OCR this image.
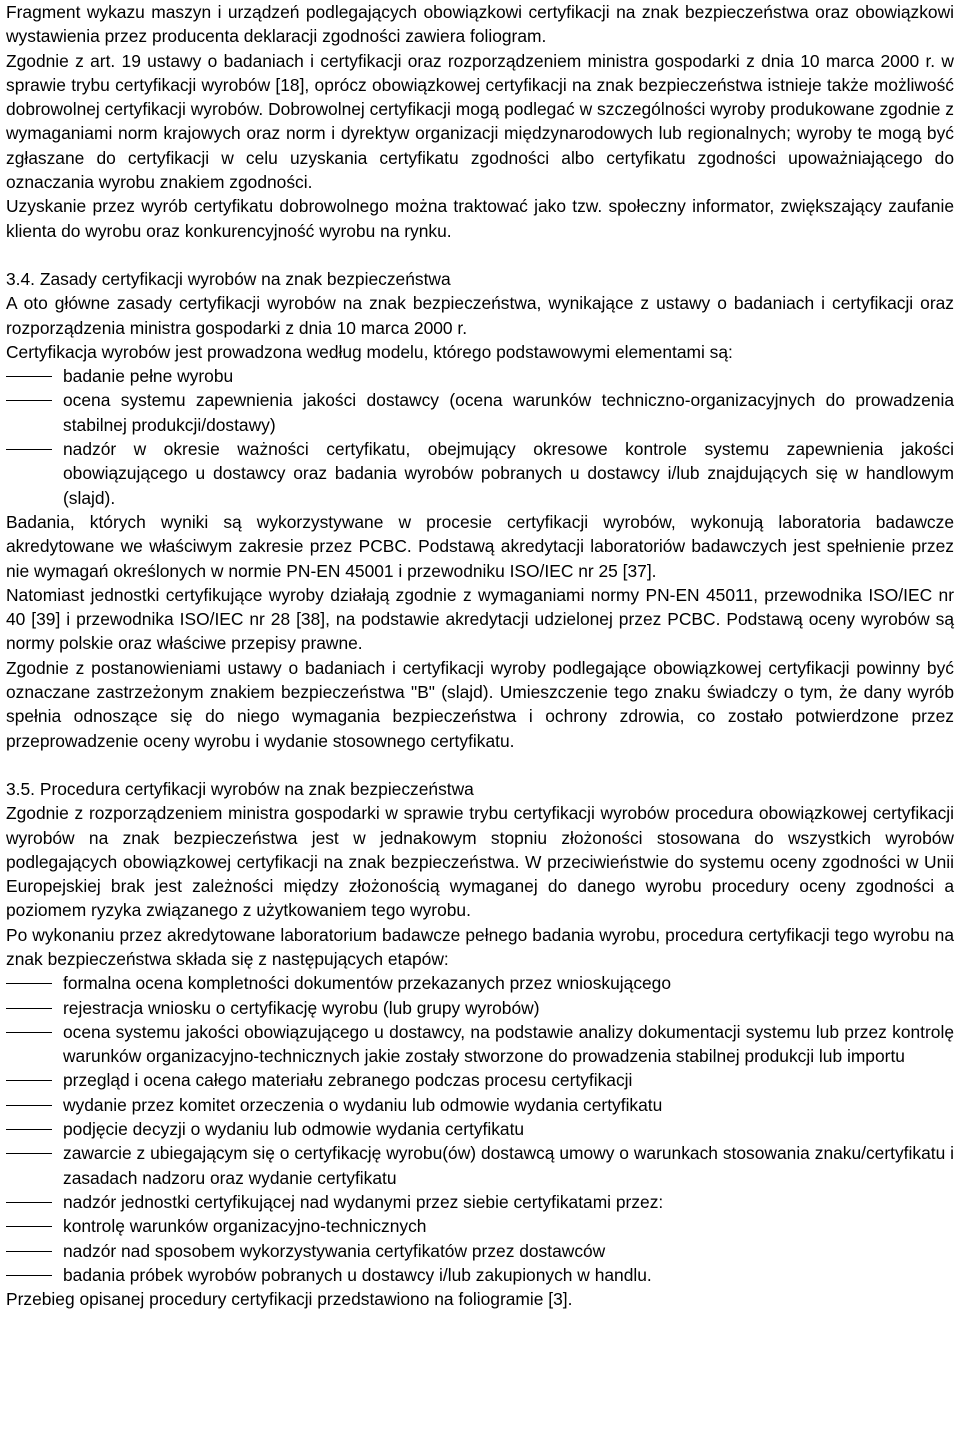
Fragment wykazu maszyn i urządzeń podlegających obowiązkowi certyfikacji na znak bezpieczeństwa oraz obowiązkowi wystawienia przez producenta deklaracji zgodności zawiera foliogram.

Zgodnie z art. 19 ustawy o badaniach i certyfikacji oraz rozporządzeniem ministra gospodarki z dnia 10 marca 2000 r. w sprawie trybu certyfikacji wyrobów [18], oprócz obowiązkowej certyfikacji na znak bezpieczeństwa istnieje także możliwość dobrowolnej certyfikacji wyrobów. Dobrowolnej certyfikacji mogą podlegać w szczególności wyroby produkowane zgodnie z wymaganiami norm krajowych oraz norm i dyrektyw organizacji międzynarodowych lub regionalnych; wyroby te mogą być zgłaszane do certyfikacji w celu uzyskania certyfikatu zgodności albo certyfikatu zgodności upoważniającego do oznaczania wyrobu znakiem zgodności.

Uzyskanie przez wyrób certyfikatu dobrowolnego można traktować jako tzw. społeczny informator, zwiększający zaufanie klienta do wyrobu oraz konkurencyjność wyrobu na rynku.

3.4. Zasady certyfikacji wyrobów na znak bezpieczeństwa

A oto główne zasady certyfikacji wyrobów na znak bezpieczeństwa, wynikające z ustawy o badaniach i certyfikacji oraz rozporządzenia ministra gospodarki z dnia 10 marca 2000 r.

Certyfikacja wyrobów jest prowadzona według modelu, którego podstawowymi elementami są:

badanie pełne wyrobu
ocena systemu zapewnienia jakości dostawcy (ocena warunków techniczno-organizacyjnych do prowadzenia stabilnej produkcji/dostawy)
nadzór w okresie ważności certyfikatu, obejmujący okresowe kontrole systemu zapewnienia jakości obowiązującego u dostawcy oraz badania wyrobów pobranych u dostawcy i/lub znajdujących się w handlowym (slajd).

Badania, których wyniki są wykorzystywane w procesie certyfikacji wyrobów, wykonują laboratoria badawcze akredytowane we właściwym zakresie przez PCBC. Podstawą akredytacji laboratoriów badawczych jest spełnienie przez nie wymagań określonych w normie PN-EN 45001 i przewodniku ISO/IEC nr 25 [37].

Natomiast jednostki certyfikujące wyroby działają zgodnie z wymaganiami normy PN-EN 45011, przewodnika ISO/IEC nr 40 [39] i przewodnika ISO/IEC nr 28 [38], na podstawie akredytacji udzielonej przez PCBC. Podstawą oceny wyrobów są normy polskie oraz właściwe przepisy prawne.

Zgodnie z postanowieniami ustawy o badaniach i certyfikacji wyroby podlegające obowiązkowej certyfikacji powinny być oznaczane zastrzeżonym znakiem bezpieczeństwa "B" (slajd). Umieszczenie tego znaku świadczy o tym, że dany wyrób spełnia odnoszące się do niego wymagania bezpieczeństwa i ochrony zdrowia, co zostało potwierdzone przez przeprowadzenie oceny wyrobu i wydanie stosownego certyfikatu.

3.5. Procedura certyfikacji wyrobów na znak bezpieczeństwa

Zgodnie z rozporządzeniem ministra gospodarki w sprawie trybu certyfikacji wyrobów procedura obowiązkowej certyfikacji wyrobów na znak bezpieczeństwa jest w jednakowym stopniu złożoności stosowana do wszystkich wyrobów podlegających obowiązkowej certyfikacji na znak bezpieczeństwa. W przeciwieństwie do systemu oceny zgodności w Unii Europejskiej brak jest zależności między złożonością wymaganej do danego wyrobu procedury oceny zgodności a poziomem ryzyka związanego z użytkowaniem tego wyrobu.

Po wykonaniu przez akredytowane laboratorium badawcze pełnego badania wyrobu, procedura certyfikacji tego wyrobu na znak bezpieczeństwa składa się z następujących etapów:

formalna ocena kompletności dokumentów przekazanych przez wnioskującego
rejestracja wniosku o certyfikację wyrobu (lub grupy wyrobów)
ocena systemu jakości obowiązującego u dostawcy, na podstawie analizy dokumentacji systemu lub przez kontrolę warunków organizacyjno-technicznych jakie zostały stworzone do prowadzenia stabilnej produkcji lub importu
przegląd i ocena całego materiału zebranego podczas procesu certyfikacji
wydanie przez komitet orzeczenia o wydaniu lub odmowie wydania certyfikatu
podjęcie decyzji o wydaniu lub odmowie wydania certyfikatu
zawarcie z ubiegającym się o certyfikację wyrobu(ów) dostawcą umowy o warunkach stosowania znaku/certyfikatu i zasadach nadzoru oraz wydanie certyfikatu
nadzór jednostki certyfikującej nad wydanymi przez siebie certyfikatami przez:
kontrolę warunków organizacyjno-technicznych
nadzór nad sposobem wykorzystywania certyfikatów przez dostawców
badania próbek wyrobów pobranych u dostawcy i/lub zakupionych w handlu.

Przebieg opisanej procedury certyfikacji przedstawiono na foliogramie [3].
